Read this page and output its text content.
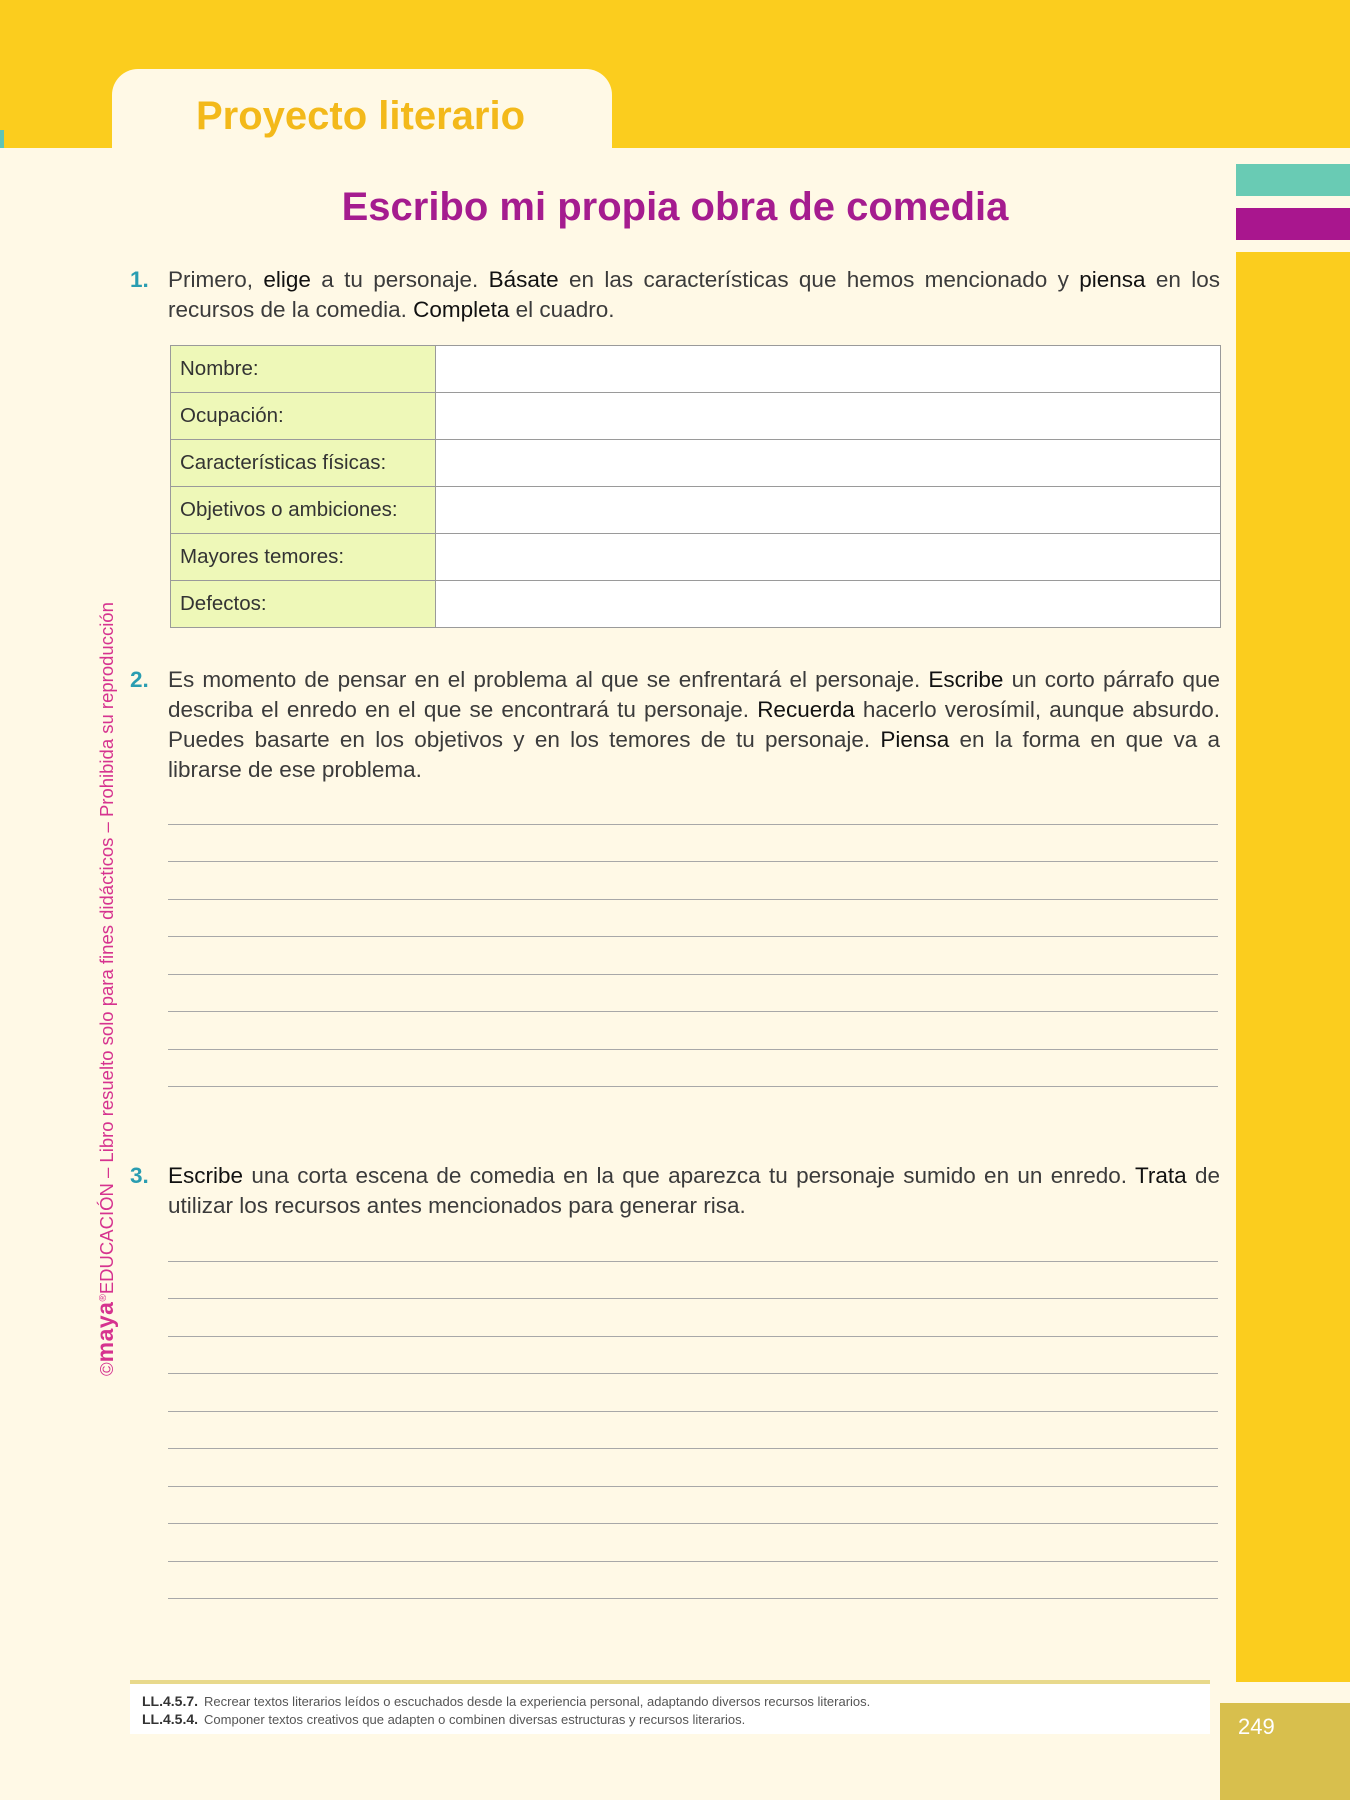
Proyecto literario
249
©maya®EDUCACIÓN – Libro resuelto solo para fines didácticos – Prohibida su reproducción
Escribo mi propia obra de comedia
1. Primero, elige a tu personaje. Básate en las características que hemos mencionado y piensa en los recursos de la comedia. Completa el cuadro.
Nombre:	
Ocupación:	
Características físicas:	
Objetivos o ambiciones:	
Mayores temores:	
Defectos:	
2. Es momento de pensar en el problema al que se enfrentará el personaje. Escribe un corto párrafo que describa el enredo en el que se encontrará tu personaje. Recuerda hacerlo verosímil, aunque absurdo. Puedes basarte en los objetivos y en los temores de tu personaje. Piensa en la forma en que va a librarse de ese problema.
3. Escribe una corta escena de comedia en la que aparezca tu personaje sumido en un enredo. Trata de utilizar los recursos antes mencionados para generar risa.
LL.4.5.7. Recrear textos literarios leídos o escuchados desde la experiencia personal, adaptando diversos recursos literarios.
LL.4.5.4. Componer textos creativos que adapten o combinen diversas estructuras y recursos literarios.
